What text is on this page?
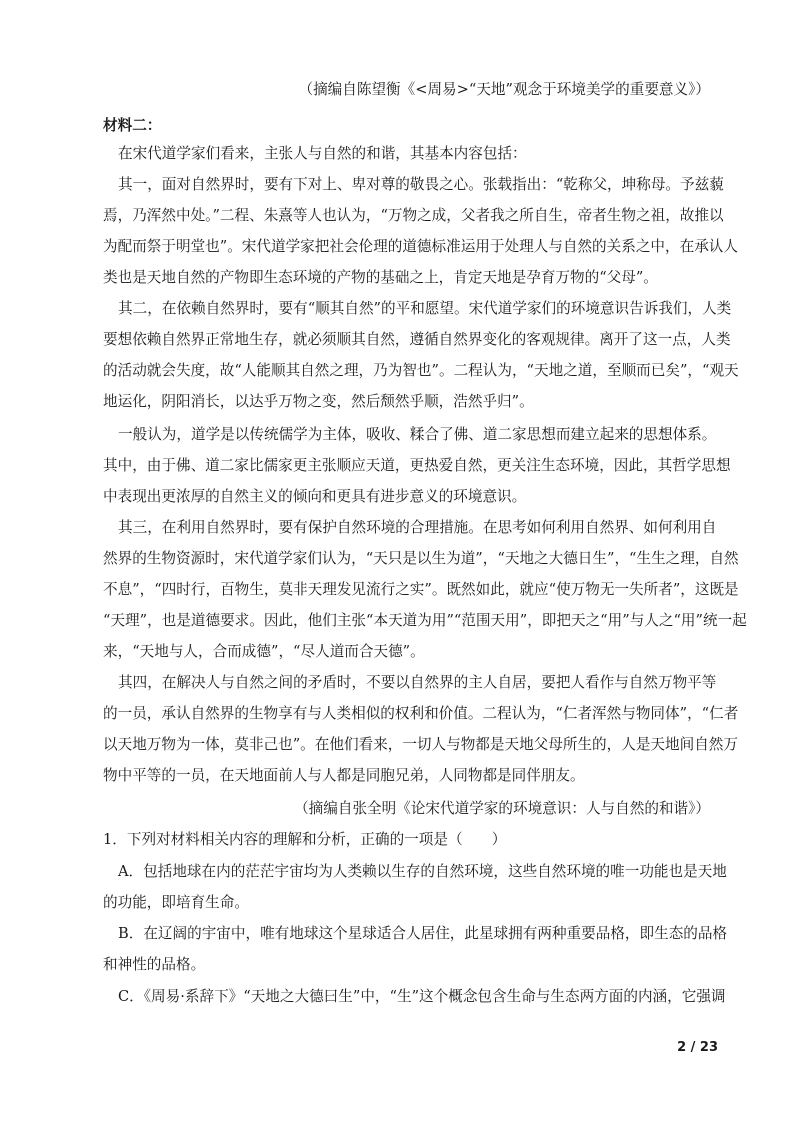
（摘编自陈望衡《<周易>“天地”观念于环境美学的重要意义》）
材料二：
在宋代道学家们看来，主张人与自然的和谐，其基本内容包括：
其一，面对自然界时，要有下对上、卑对尊的敬畏之心。张载指出：“乾称父，坤称母。予兹藐
焉，乃浑然中处。”二程、朱熹等人也认为，“万物之成，父者我之所自生，帝者生物之祖，故推以
为配而祭于明堂也”。宋代道学家把社会伦理的道德标准运用于处理人与自然的关系之中，在承认人
类也是天地自然的产物即生态环境的产物的基础之上，肯定天地是孕育万物的“父母”。
其二，在依赖自然界时，要有“顺其自然”的平和愿望。宋代道学家们的环境意识告诉我们，人类
要想依赖自然界正常地生存，就必须顺其自然，遵循自然界变化的客观规律。离开了这一点，人类
的活动就会失度，故“人能顺其自然之理，乃为智也”。二程认为，“天地之道，至顺而已矣”，“观天
地运化，阴阳消长，以达乎万物之变，然后颓然乎顺，浩然乎归”。
一般认为，道学是以传统儒学为主体，吸收、糅合了佛、道二家思想而建立起来的思想体系。
其中，由于佛、道二家比儒家更主张顺应天道，更热爱自然，更关注生态环境，因此，其哲学思想
中表现出更浓厚的自然主义的倾向和更具有进步意义的环境意识。
其三，在利用自然界时，要有保护自然环境的合理措施。在思考如何利用自然界、如何利用自
然界的生物资源时，宋代道学家们认为，“天只是以生为道”，“天地之大德日生”，“生生之理，自然
不息”，“四时行，百物生，莫非天理发见流行之实”。既然如此，就应“使万物无一失所者”，这既是
“天理”，也是道德要求。因此，他们主张“本天道为用”“范围天用”，即把天之“用”与人之“用”统一起
来，“天地与人，合而成德”，“尽人道而合天德”。
其四，在解决人与自然之间的矛盾时，不要以自然界的主人自居，要把人看作与自然万物平等
的一员，承认自然界的生物享有与人类相似的权利和价值。二程认为，“仁者浑然与物同体”，“仁者
以天地万物为一体，莫非己也”。在他们看来，一切人与物都是天地父母所生的，人是天地间自然万
物中平等的一员，在天地面前人与人都是同胞兄弟，人同物都是同伴朋友。
（摘编自张全明《论宋代道学家的环境意识：人与自然的和谐》）
1．下列对材料相关内容的理解和分析，正确的一项是（　　）
A．包括地球在内的茫茫宇宙均为人类赖以生存的自然环境，这些自然环境的唯一功能也是天地
的功能，即培育生命。
B．在辽阔的宇宙中，唯有地球这个星球适合人居住，此星球拥有两种重要品格，即生态的品格
和神性的品格。
C．《周易·系辞下》“天地之大德曰生”中，“生”这个概念包含生命与生态两方面的内涵，它强调
2 / 23
